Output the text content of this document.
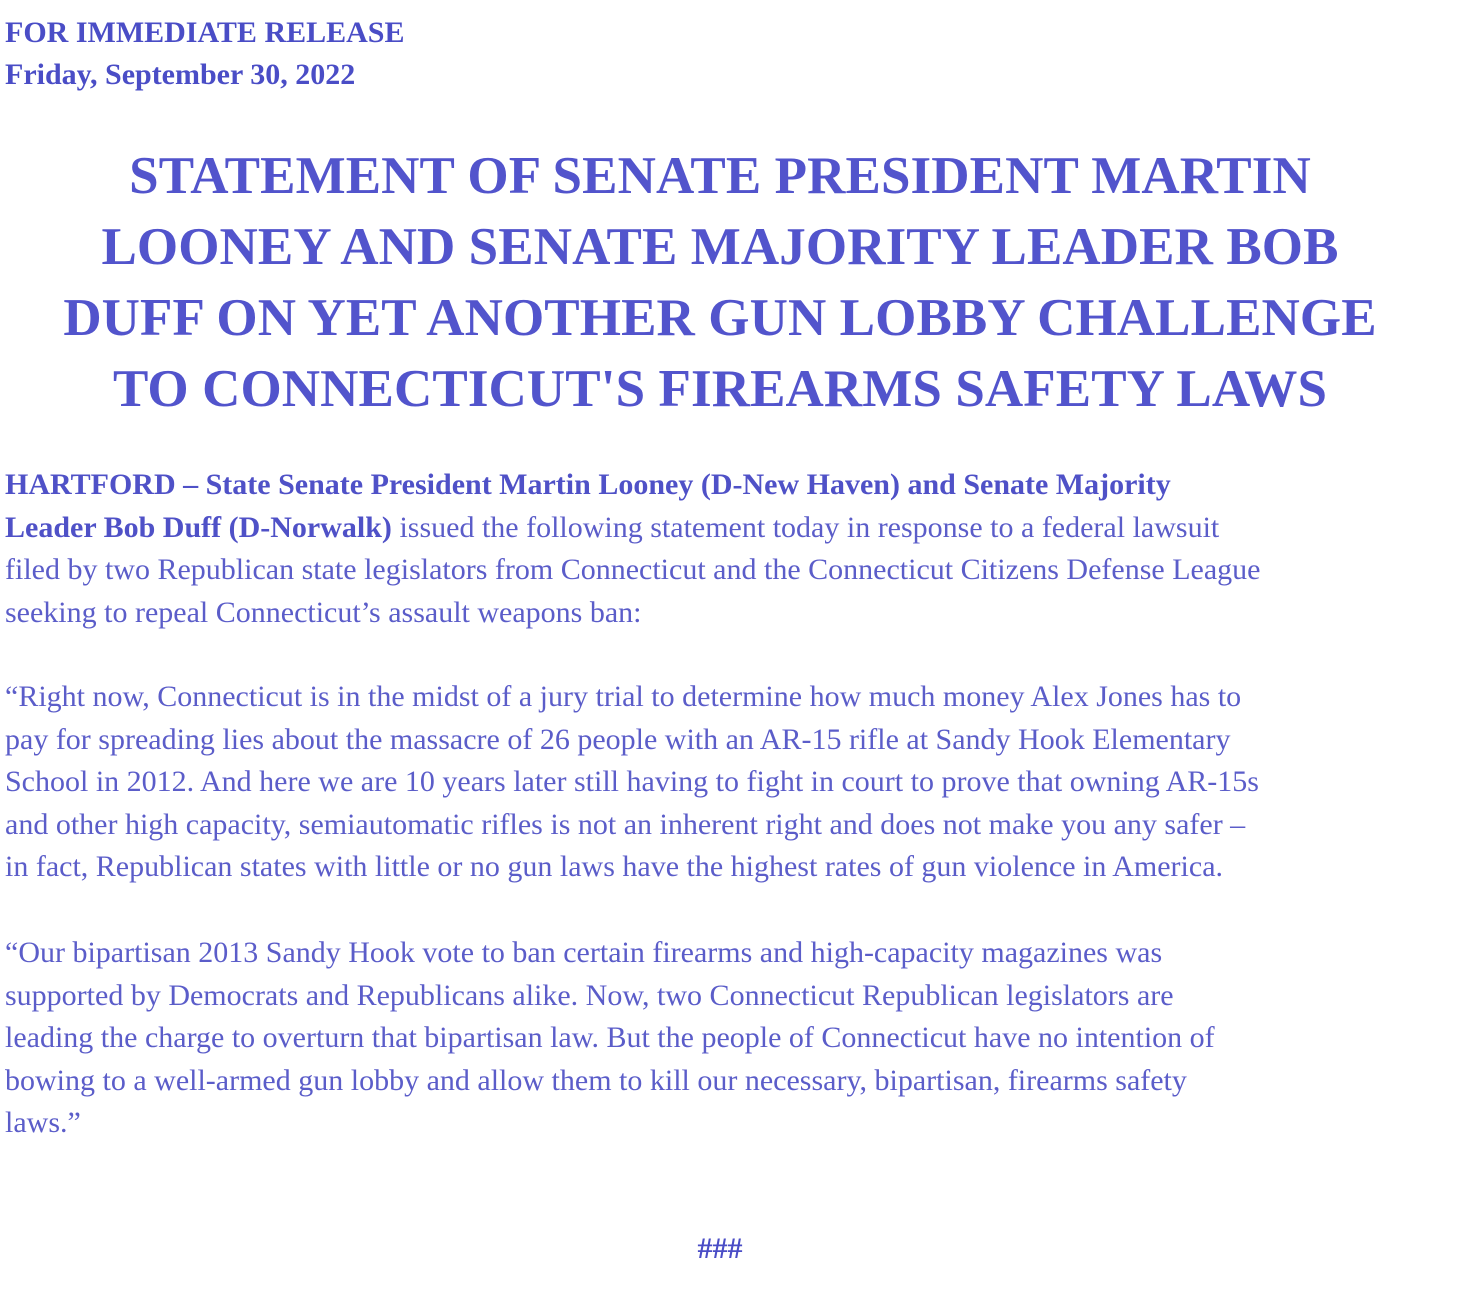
FOR IMMEDIATE RELEASE
Friday, September 30, 2022
STATEMENT OF SENATE PRESIDENT MARTIN
LOONEY AND SENATE MAJORITY LEADER BOB
DUFF ON YET ANOTHER GUN LOBBY CHALLENGE
TO CONNECTICUT'S FIREARMS SAFETY LAWS
HARTFORD – State Senate President Martin Looney (D-New Haven) and Senate Majority
Leader Bob Duff (D-Norwalk) issued the following statement today in response to a federal lawsuit
filed by two Republican state legislators from Connecticut and the Connecticut Citizens Defense League
seeking to repeal Connecticut’s assault weapons ban:
“Right now, Connecticut is in the midst of a jury trial to determine how much money Alex Jones has to
pay for spreading lies about the massacre of 26 people with an AR-15 rifle at Sandy Hook Elementary
School in 2012. And here we are 10 years later still having to fight in court to prove that owning AR-15s
and other high capacity, semiautomatic rifles is not an inherent right and does not make you any safer –
in fact, Republican states with little or no gun laws have the highest rates of gun violence in America.
“Our bipartisan 2013 Sandy Hook vote to ban certain firearms and high-capacity magazines was
supported by Democrats and Republicans alike. Now, two Connecticut Republican legislators are
leading the charge to overturn that bipartisan law. But the people of Connecticut have no intention of
bowing to a well-armed gun lobby and allow them to kill our necessary, bipartisan, firearms safety
laws.”
###
